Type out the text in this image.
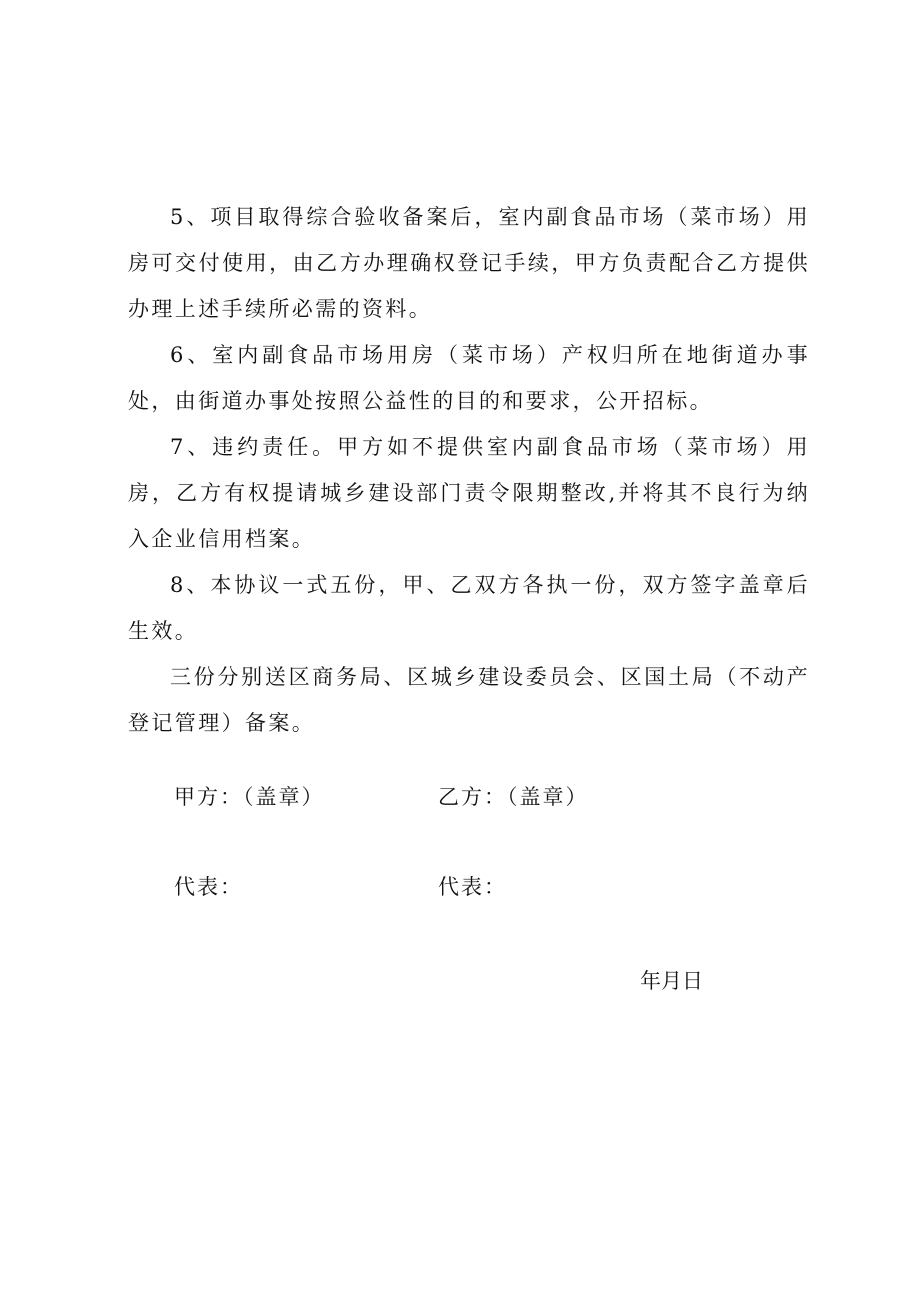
5、项目取得综合验收备案后，室内副食品市场（菜市场）用房可交付使用，由乙方办理确权登记手续，甲方负责配合乙方提供办理上述手续所必需的资料。

6、室内副食品市场用房（菜市场）产权归所在地街道办事处，由街道办事处按照公益性的目的和要求，公开招标。

7、违约责任。甲方如不提供室内副食品市场（菜市场）用房，乙方有权提请城乡建设部门责令限期整改,并将其不良行为纳入企业信用档案。

8、本协议一式五份，甲、乙双方各执一份，双方签字盖章后生效。

三份分别送区商务局、区城乡建设委员会、区国土局（不动产登记管理）备案。

甲方：（盖章）	乙方：（盖章）
代表：	代表：
年月日
